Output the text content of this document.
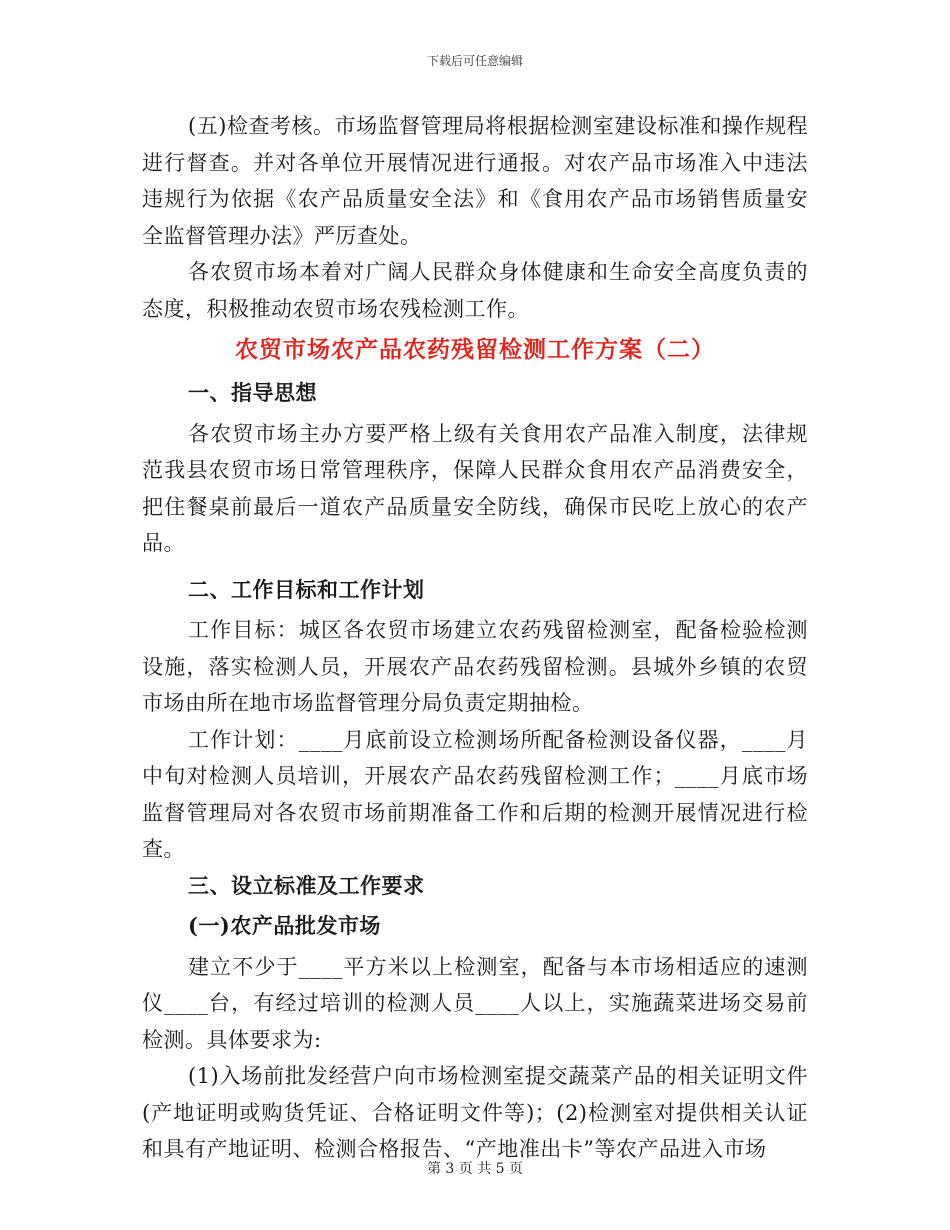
下载后可任意编辑

(五)检查考核。市场监督管理局将根据检测室建设标准和操作规程进行督查。并对各单位开展情况进行通报。对农产品市场准入中违法违规行为依据《农产品质量安全法》和《食用农产品市场销售质量安全监督管理办法》严厉查处。

各农贸市场本着对广阔人民群众身体健康和生命安全高度负责的态度，积极推动农贸市场农残检测工作。

农贸市场农产品农药残留检测工作方案（二）
一、指导思想

各农贸市场主办方要严格上级有关食用农产品准入制度，法律规范我县农贸市场日常管理秩序，保障人民群众食用农产品消费安全，把住餐桌前最后一道农产品质量安全防线，确保市民吃上放心的农产品。

二、工作目标和工作计划

工作目标：城区各农贸市场建立农药残留检测室，配备检验检测设施，落实检测人员，开展农产品农药残留检测。县城外乡镇的农贸市场由所在地市场监督管理分局负责定期抽检。

工作计划：____月底前设立检测场所配备检测设备仪器，____月中旬对检测人员培训，开展农产品农药残留检测工作；____月底市场监督管理局对各农贸市场前期准备工作和后期的检测开展情况进行检查。

三、设立标准及工作要求
(一)农产品批发市场

建立不少于____平方米以上检测室，配备与本市场相适应的速测仪____台，有经过培训的检测人员____人以上，实施蔬菜进场交易前检测。具体要求为:

(1)入场前批发经营户向市场检测室提交蔬菜产品的相关证明文件(产地证明或购货凭证、合格证明文件等)；(2)检测室对提供相关认证和具有产地证明、检测合格报告、“产地准出卡”等农产品进入市场

第 3 页 共 5 页
